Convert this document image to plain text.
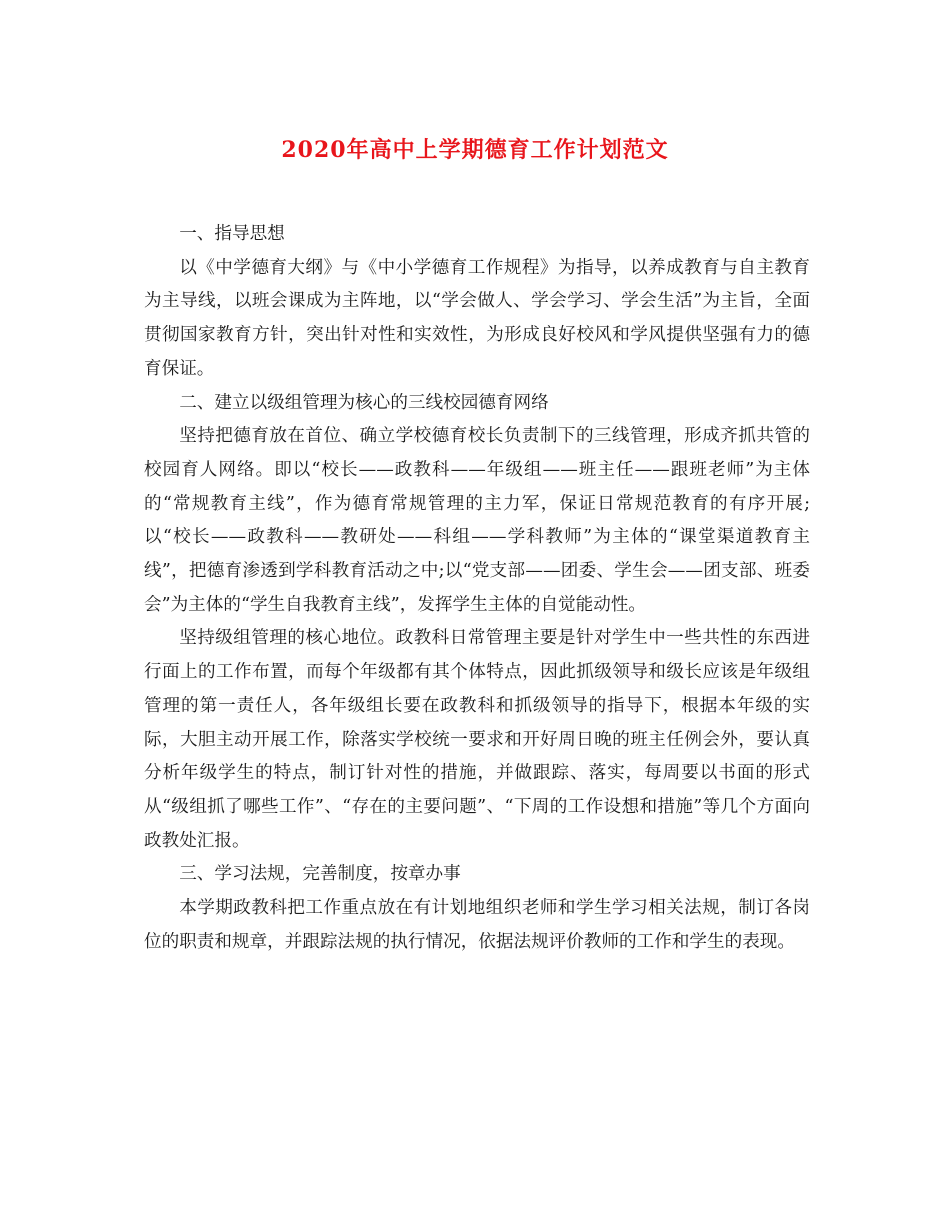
2020年高中上学期德育工作计划范文

一、指导思想

以《中学德育大纲》与《中小学德育工作规程》为指导，以养成教育与自主教育为主导线，以班会课成为主阵地，以“学会做人、学会学习、学会生活”为主旨，全面贯彻国家教育方针，突出针对性和实效性，为形成良好校风和学风提供坚强有力的德育保证。

二、建立以级组管理为核心的三线校园德育网络

坚持把德育放在首位、确立学校德育校长负责制下的三线管理，形成齐抓共管的校园育人网络。即以“校长——政教科——年级组——班主任——跟班老师”为主体的“常规教育主线”，作为德育常规管理的主力军，保证日常规范教育的有序开展;以“校长——政教科——教研处——科组——学科教师”为主体的“课堂渠道教育主线”，把德育渗透到学科教育活动之中;以“党支部——团委、学生会——团支部、班委会”为主体的“学生自我教育主线”，发挥学生主体的自觉能动性。

坚持级组管理的核心地位。政教科日常管理主要是针对学生中一些共性的东西进行面上的工作布置，而每个年级都有其个体特点，因此抓级领导和级长应该是年级组管理的第一责任人，各年级组长要在政教科和抓级领导的指导下，根据本年级的实际，大胆主动开展工作，除落实学校统一要求和开好周日晚的班主任例会外，要认真分析年级学生的特点，制订针对性的措施，并做跟踪、落实，每周要以书面的形式从“级组抓了哪些工作”、“存在的主要问题”、“下周的工作设想和措施”等几个方面向政教处汇报。

三、学习法规，完善制度，按章办事

本学期政教科把工作重点放在有计划地组织老师和学生学习相关法规，制订各岗位的职责和规章，并跟踪法规的执行情况，依据法规评价教师的工作和学生的表现。
